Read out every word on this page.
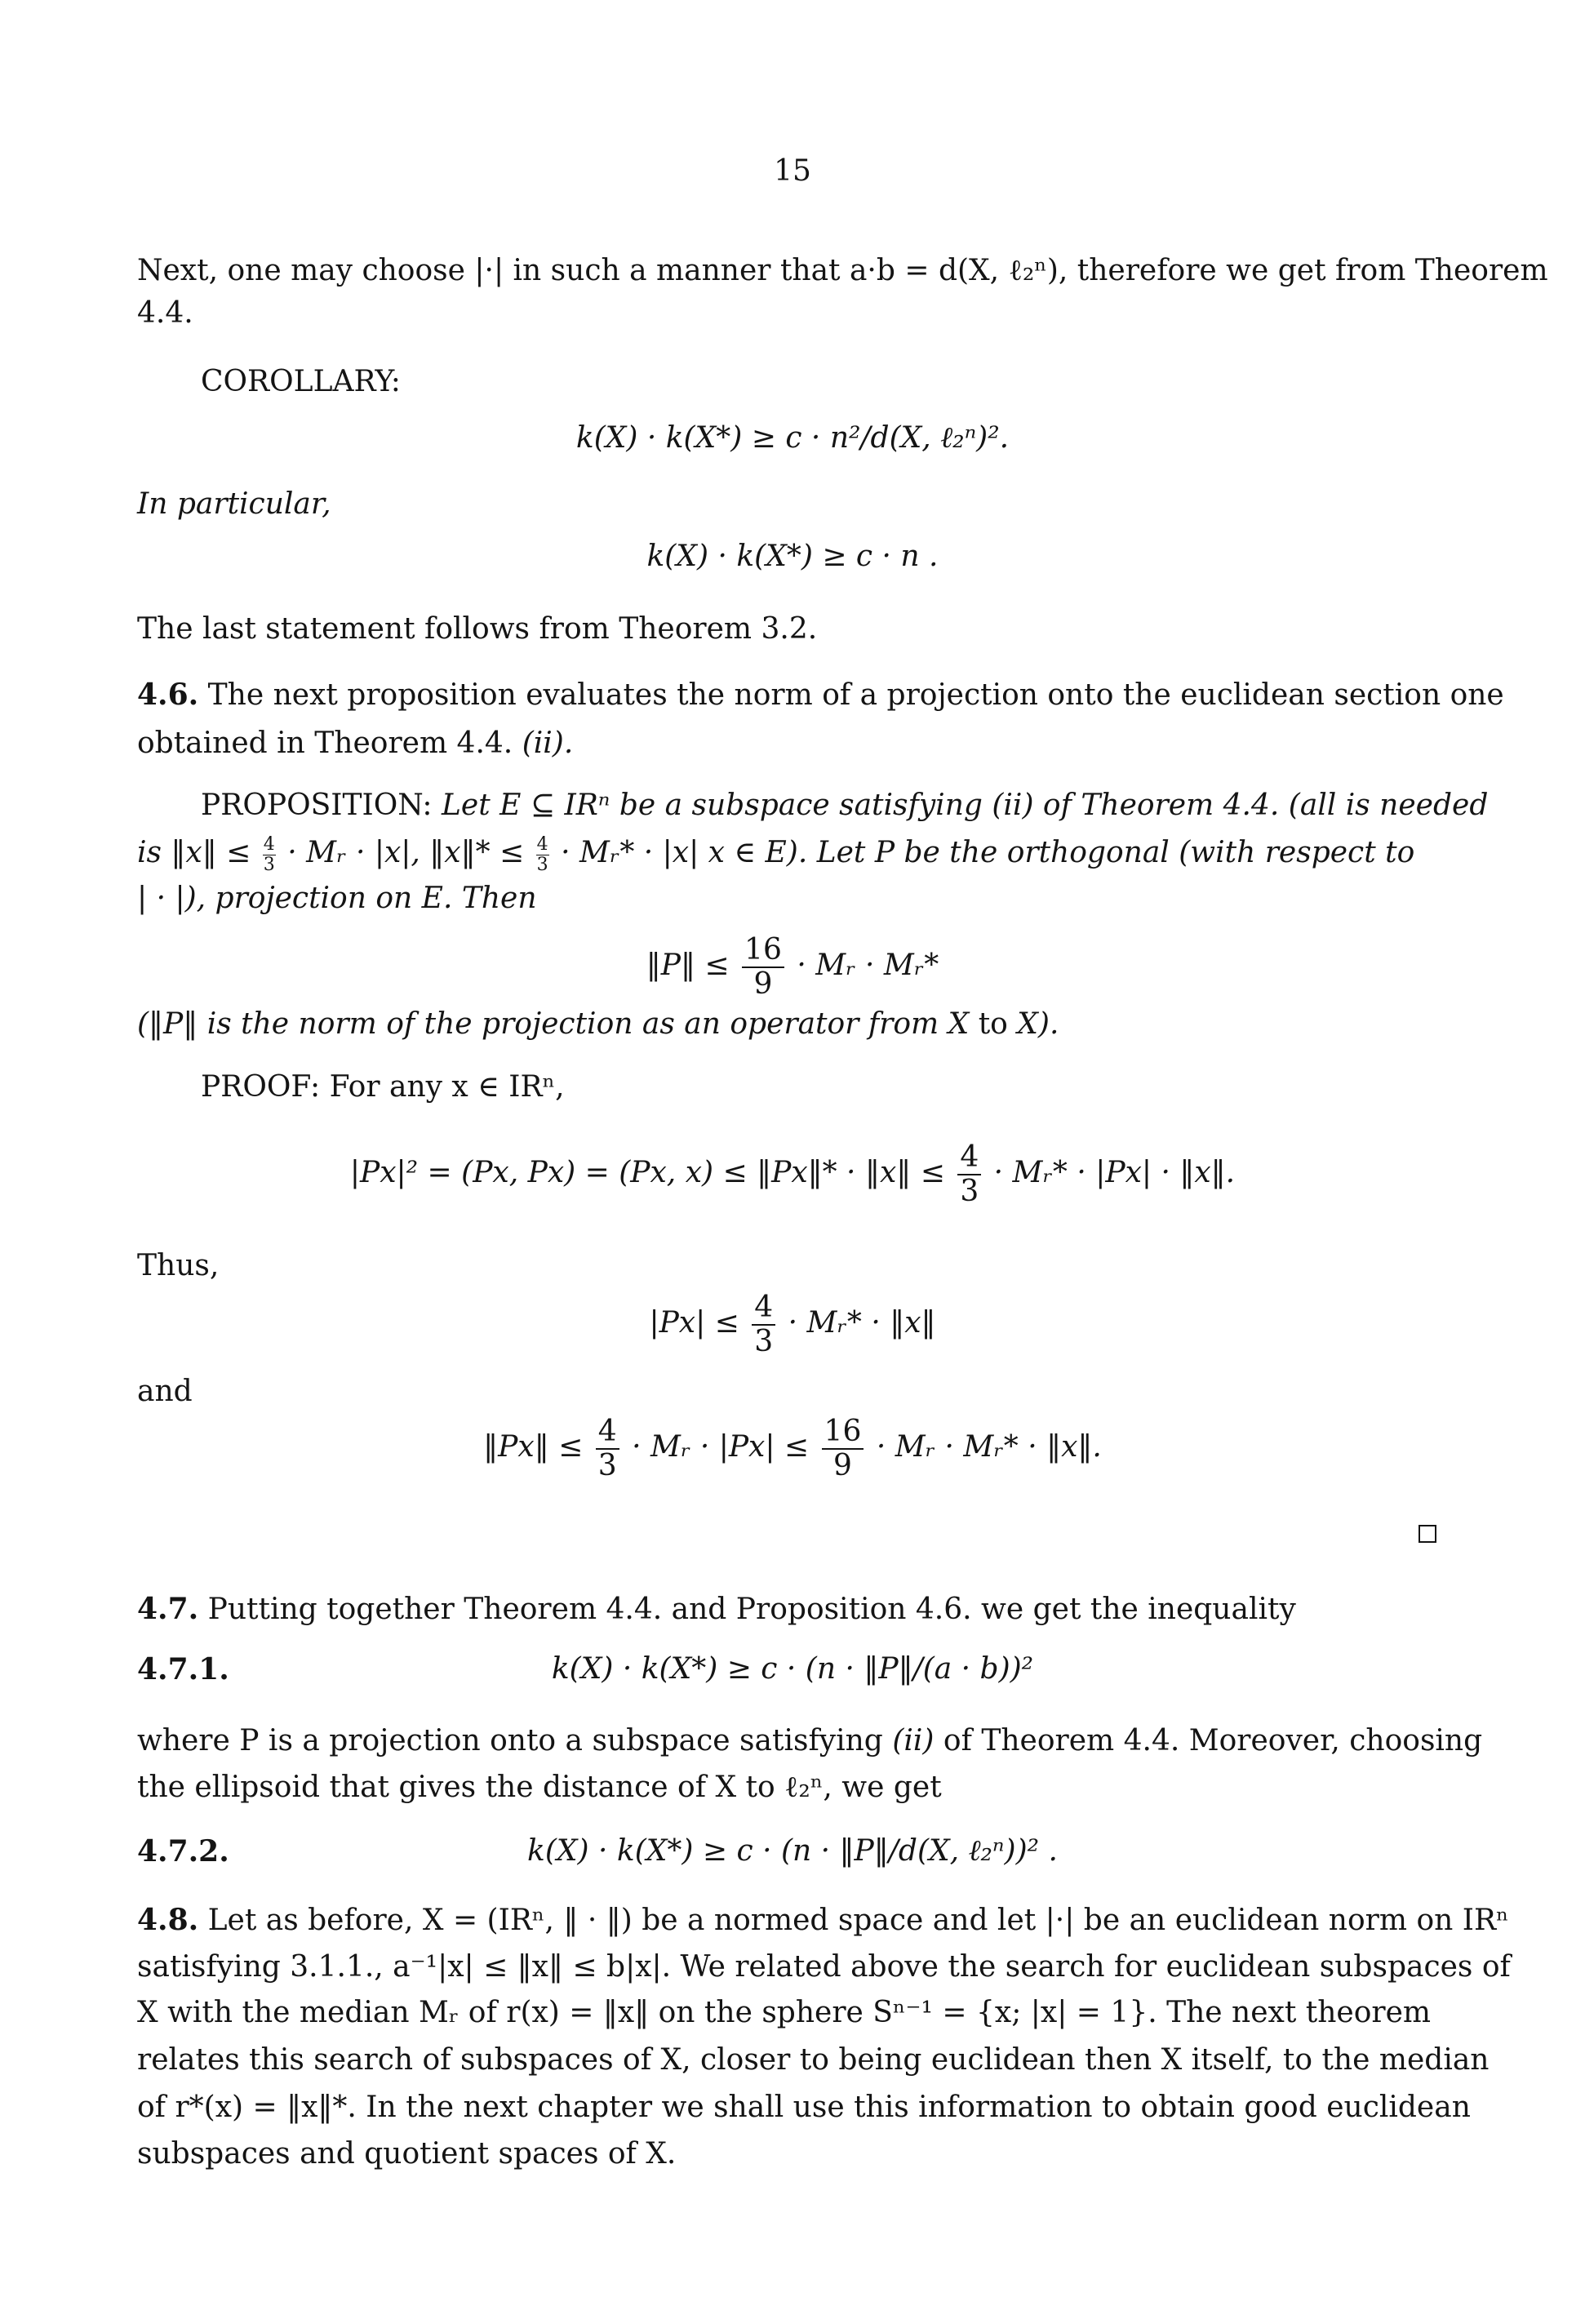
15
Next, one may choose |·| in such a manner that a·b = d(X, ℓ₂ⁿ), therefore we get from Theorem
4.4.
COROLLARY:
k(X) · k(X*) ≥ c · n²/d(X, ℓ₂ⁿ)².
In particular,
k(X) · k(X*) ≥ c · n .
The last statement follows from Theorem 3.2.
4.6. The next proposition evaluates the norm of a projection onto the euclidean section one
obtained in Theorem 4.4. (ii).
PROPOSITION: Let E ⊆ IRⁿ be a subspace satisfying (ii) of Theorem 4.4. (all is needed
is ‖x‖ ≤ $\frac{4}{3}$ · Mᵣ · |x|, ‖x‖* ≤ $\frac{4}{3}$ · Mᵣ* · |x| x ∈ E). Let P be the orthogonal (with respect to
| · |), projection on E. Then
‖P‖ ≤ $\frac{16}{9}$ · Mᵣ · Mᵣ*
(‖P‖ is the norm of the projection as an operator from X to X).
PROOF: For any x ∈ IRⁿ,
|Px|² = (Px, Px) = (Px, x) ≤ ‖Px‖* · ‖x‖ ≤ $\frac{4}{3}$ · Mᵣ* · |Px| · ‖x‖.
Thus,
$|Px| \le \frac{4}{3}$ · Mᵣ* · ‖x‖
and
‖Px‖ ≤ $\frac{4}{3}$ · Mᵣ · $|Px| \le \frac{16}{9}$ · Mᵣ · Mᵣ* · ‖x‖.
4.7. Putting together Theorem 4.4. and Proposition 4.6. we get the inequality
4.7.1.	k(X) · k(X*) ≥ c · (n · ‖P‖/(a · b))²
where P is a projection onto a subspace satisfying (ii) of Theorem 4.4. Moreover, choosing
the ellipsoid that gives the distance of X to ℓ₂ⁿ, we get
4.7.2.	k(X) · k(X*) ≥ c · (n · ‖P‖/d(X, ℓ₂ⁿ))² .
4.8. Let as before, X = (IRⁿ, ‖ · ‖) be a normed space and let |·| be an euclidean norm on IRⁿ
satisfying 3.1.1., a⁻¹|x| ≤ ‖x‖ ≤ b|x|. We related above the search for euclidean subspaces of
X with the median Mᵣ of r(x) = ‖x‖ on the sphere Sⁿ⁻¹ = {x; |x| = 1}. The next theorem
relates this search of subspaces of X, closer to being euclidean then X itself, to the median
of r*(x) = ‖x‖*. In the next chapter we shall use this information to obtain good euclidean
subspaces and quotient spaces of X.
